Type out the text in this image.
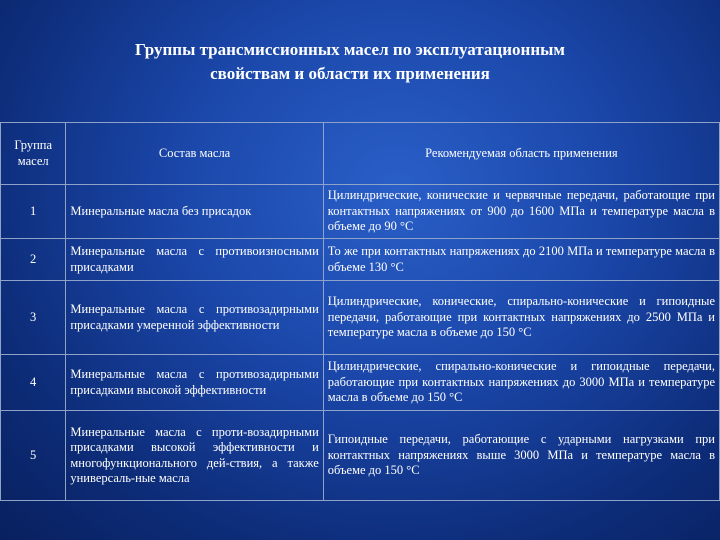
Группы трансмиссионных масел по эксплуатационным
свойствам и области их применения
Группа масел	Состав масла	Рекомендуемая область применения
1	Минеральные масла без присадок	Цилиндрические, конические и червячные передачи, работающие при контактных напряжениях от 900 до 1600 МПа и температуре масла в объеме до 90 °С
2	Минеральные масла с противоизносными присадками	То же при контактных напряжениях до 2100 МПа и температуре масла в объеме 130 °С
3	Минеральные масла с противозадирными присадками умеренной эффективности	Цилиндрические, конические, спирально-конические и гипоидные передачи, работающие при контактных напряжениях до 2500 МПа и температуре масла в объеме до 150 °С
4	Минеральные масла с противозадирными присадками высокой эффективности	Цилиндрические, спирально-конические и гипоидные передачи, работающие при контактных напряжениях до 3000 МПа и температуре масла в объеме до 150 °С
5	Минеральные масла с проти-возадирными присадками высокой эффективности и многофункционального дей-ствия, а также универсаль-ные масла	Гипоидные передачи, работающие с ударными нагрузками при контактных напряжениях выше 3000 МПа и температуре масла в объеме до 150 °С
